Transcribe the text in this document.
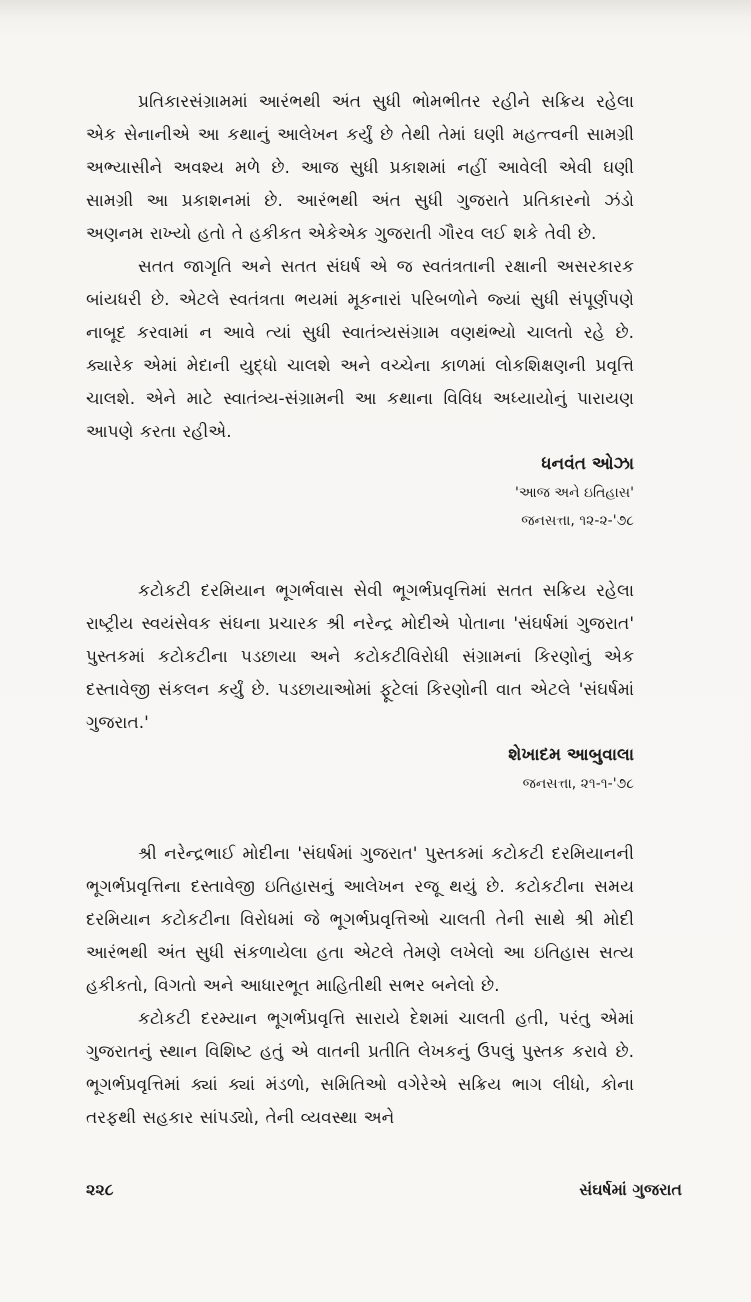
પ્રતિકારસંગ્રામમાં આરંભથી અંત સુધી ભોમભીતર રહીને સક્રિય રહેલા એક સેનાનીએ આ કથાનું આલેખન કર્યું છે તેથી તેમાં ઘણી મહત્ત્વની સામગ્રી અભ્યાસીને અવશ્ય મળે છે. આજ સુધી પ્રકાશમાં નહીં આવેલી એવી ઘણી સામગ્રી આ પ્રકાશનમાં છે. આરંભથી અંત સુધી ગુજરાતે પ્રતિકારનો ઝંડો અણનમ રાખ્યો હતો તે હકીકત એકેએક ગુજરાતી ગૌરવ લઈ શકે તેવી છે.

સતત જાગૃતિ અને સતત સંઘર્ષ એ જ સ્વતંત્રતાની રક્ષાની અસરકારક બાંયધરી છે. એટલે સ્વતંત્રતા ભયમાં મૂકનારાં પરિબળોને જ્યાં સુધી સંપૂર્ણપણે નાબૂદ કરવામાં ન આવે ત્યાં સુધી સ્વાતંત્ર્યસંગ્રામ વણથંભ્યો ચાલતો રહે છે. ક્યારેક એમાં મેદાની યુદ્ધો ચાલશે અને વચ્ચેના કાળમાં લોકશિક્ષણની પ્રવૃત્તિ ચાલશે. એને માટે સ્વાતંત્ર્ય-સંગ્રામની આ કથાના વિવિધ અધ્યાયોનું પારાયણ આપણે કરતા રહીએ.

ધનવંત ઓઝા
'આજ અને ઇતિહાસ'
જનસત્તા, ૧૨-૨-'૭૮

કટોકટી દરમિયાન ભૂગર્ભવાસ સેવી ભૂગર્ભપ્રવૃત્તિમાં સતત સક્રિય રહેલા રાષ્ટ્રીય સ્વયંસેવક સંઘના પ્રચારક શ્રી નરેન્દ્ર મોદીએ પોતાના 'સંઘર્ષમાં ગુજરાત' પુસ્તકમાં કટોકટીના પડછાયા અને કટોકટીવિરોધી સંગ્રામનાં કિરણોનું એક દસ્તાવેજી સંકલન કર્યું છે. પડછાયાઓમાં ફૂટેલાં કિરણોની વાત એટલે 'સંઘર્ષમાં ગુજરાત.'

શેખાદમ આબુવાલા
જનસત્તા, ૨૧-૧-'૭૮

શ્રી નરેન્દ્રભાઈ મોદીના 'સંઘર્ષમાં ગુજરાત' પુસ્તકમાં કટોકટી દરમિયાનની ભૂગર્ભપ્રવૃત્તિના દસ્તાવેજી ઇતિહાસનું આલેખન રજૂ થયું છે. કટોકટીના સમય દરમિયાન કટોકટીના વિરોધમાં જે ભૂગર્ભપ્રવૃત્તિઓ ચાલતી તેની સાથે શ્રી મોદી આરંભથી અંત સુધી સંકળાયેલા હતા એટલે તેમણે લખેલો આ ઇતિહાસ સત્ય હકીકતો, વિગતો અને આધારભૂત માહિતીથી સભર બનેલો છે.

કટોકટી દરમ્યાન ભૂગર્ભપ્રવૃત્તિ સારાયે દેશમાં ચાલતી હતી, પરંતુ એમાં ગુજરાતનું સ્થાન વિશિષ્ટ હતું એ વાતની પ્રતીતિ લેખકનું ઉપલું પુસ્તક કરાવે છે. ભૂગર્ભપ્રવૃત્તિમાં ક્યાં ક્યાં મંડળો, સમિતિઓ વગેરેએ સક્રિય ભાગ લીધો, કોના તરફથી સહકાર સાંપડ્યો, તેની વ્યવસ્થા અને

૨૨૮	સંઘર્ષમાં ગુજરાત
